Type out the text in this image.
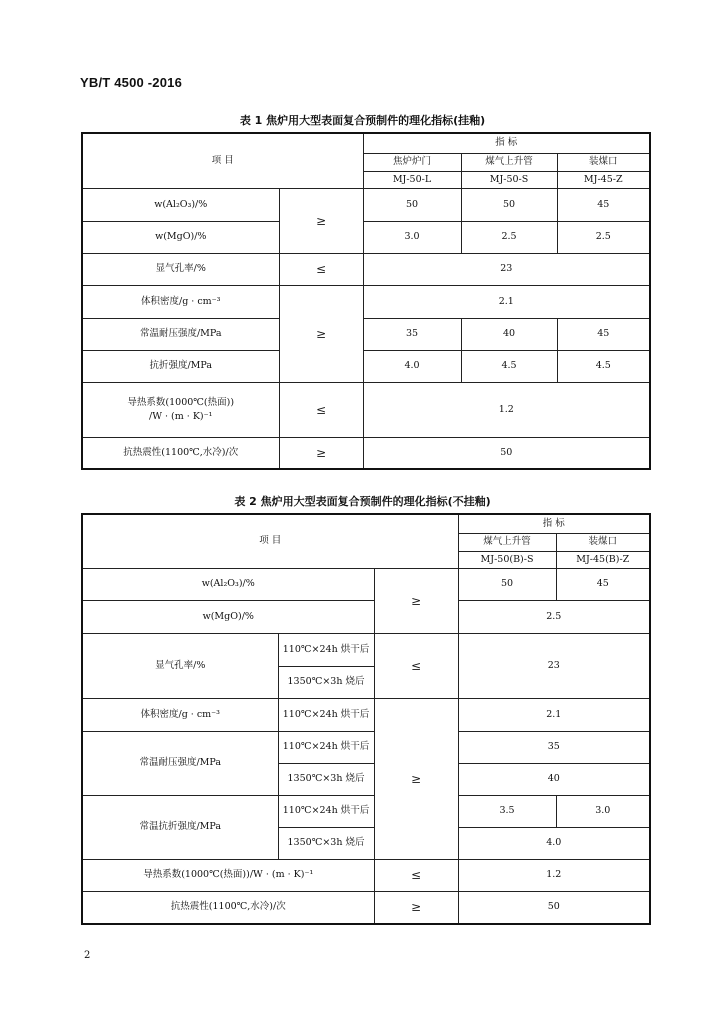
YB/T 4500 -2016
表 1 焦炉用大型表面复合预制件的理化指标(挂釉)
项 目		指 标		
		焦炉炉门	煤气上升管	装煤口
		MJ-50-L	MJ-50-S	MJ-45-Z
w(Al₂O₃)/%	≥	50	50	45
w(MgO)/%		3.0	2.5	2.5
显气孔率/%	≤	23		
体积密度/g · cm⁻³	≥	2.1		
常温耐压强度/MPa		35	40	45
抗折强度/MPa		4.0	4.5	4.5

导热系数(1000℃(热面))
/W · (m · K)⁻¹	≤	1.2		
抗热震性(1100℃,水冷)/次	≥	50		
表 2 焦炉用大型表面复合预制件的理化指标(不挂釉)
项 目			指 标	
			煤气上升管	装煤口
			MJ-50(B)-S	MJ-45(B)-Z
w(Al₂O₃)/%		≥	50	45
w(MgO)/%			2.5	
显气孔率/%	110℃×24h 烘干后	≤	23	
	1350℃×3h 烧后			
体积密度/g · cm⁻³	110℃×24h 烘干后	≥	2.1	
常温耐压强度/MPa	110℃×24h 烘干后		35	
	1350℃×3h 烧后		40	
常温抗折强度/MPa	110℃×24h 烘干后		3.5	3.0
	1350℃×3h 烧后		4.0	
导热系数(1000℃(热面))/W · (m · K)⁻¹		≤	1.2	
抗热震性(1100℃,水冷)/次		≥	50	
2
